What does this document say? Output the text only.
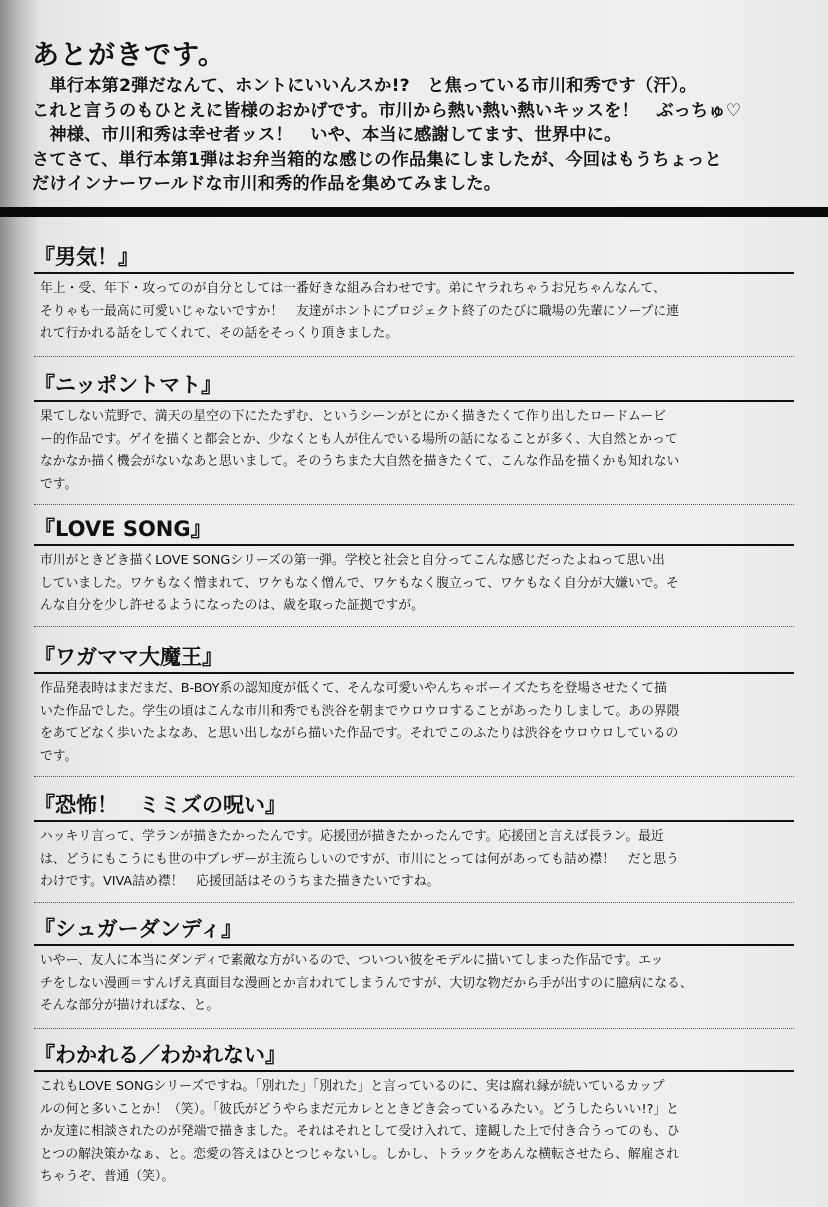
あとがきです。
　単行本第2弾だなんて、ホントにいいんスか!?　と焦っている市川和秀です（汗）。
これと言うのもひとえに皆様のおかげです。市川から熱い熱い熱いキッスを！　ぶっちゅ♡
　神様、市川和秀は幸せ者ッス！　いや、本当に感謝してます、世界中に。
さてさて、単行本第1弾はお弁当箱的な感じの作品集にしましたが、今回はもうちょっと
だけインナーワールドな市川和秀的作品を集めてみました。
『男気！』
年上・受、年下・攻ってのが自分としては一番好きな組み合わせです。弟にヤラれちゃうお兄ちゃんなんて、
そりゃも一最高に可愛いじゃないですか！　友達がホントにプロジェクト終了のたびに職場の先輩にソープに連
れて行かれる話をしてくれて、その話をそっくり頂きました。
『ニッポントマト』
果てしない荒野で、満天の星空の下にたたずむ、というシーンがとにかく描きたくて作り出したロードムービ
ー的作品です。ゲイを描くと都会とか、少なくとも人が住んでいる場所の話になることが多く、大自然とかって
なかなか描く機会がないなあと思いまして。そのうちまた大自然を描きたくて、こんな作品を描くかも知れない
です。
『LOVE SONG』
市川がときどき描くLOVE SONGシリーズの第一弾。学校と社会と自分ってこんな感じだったよねって思い出
していました。ワケもなく憎まれて、ワケもなく憎んで、ワケもなく腹立って、ワケもなく自分が大嫌いで。そ
んな自分を少し許せるようになったのは、歳を取った証拠ですが。
『ワガママ大魔王』
作品発表時はまだまだ、B-BOY系の認知度が低くて、そんな可愛いやんちゃボーイズたちを登場させたくて描
いた作品でした。学生の頃はこんな市川和秀でも渋谷を朝までウロウロすることがあったりしまして。あの界隈
をあてどなく歩いたよなあ、と思い出しながら描いた作品です。それでこのふたりは渋谷をウロウロしているの
です。
『恐怖！　ミミズの呪い』
ハッキリ言って、学ランが描きたかったんです。応援団が描きたかったんです。応援団と言えば長ラン。最近
は、どうにもこうにも世の中ブレザーが主流らしいのですが、市川にとっては何があっても詰め襟！　だと思う
わけです。VIVA詰め襟！　応援団話はそのうちまた描きたいですね。
『シュガーダンディ』
いやー、友人に本当にダンディで素敵な方がいるので、ついつい彼をモデルに描いてしまった作品です。エッ
チをしない漫画＝すんげえ真面目な漫画とか言われてしまうんですが、大切な物だから手が出すのに臆病になる、
そんな部分が描ければな、と。
『わかれる／わかれない』
これもLOVE SONGシリーズですね。「別れた」「別れた」と言っているのに、実は腐れ縁が続いているカップ
ルの何と多いことか！（笑）。「彼氏がどうやらまだ元カレとときどき会っているみたい。どうしたらいい!?」と
か友達に相談されたのが発端で描きました。それはそれとして受け入れて、達観した上で付き合うってのも、ひ
とつの解決策かなぁ、と。恋愛の答えはひとつじゃないし。しかし、トラックをあんな横転させたら、解雇され
ちゃうぞ、普通（笑）。
